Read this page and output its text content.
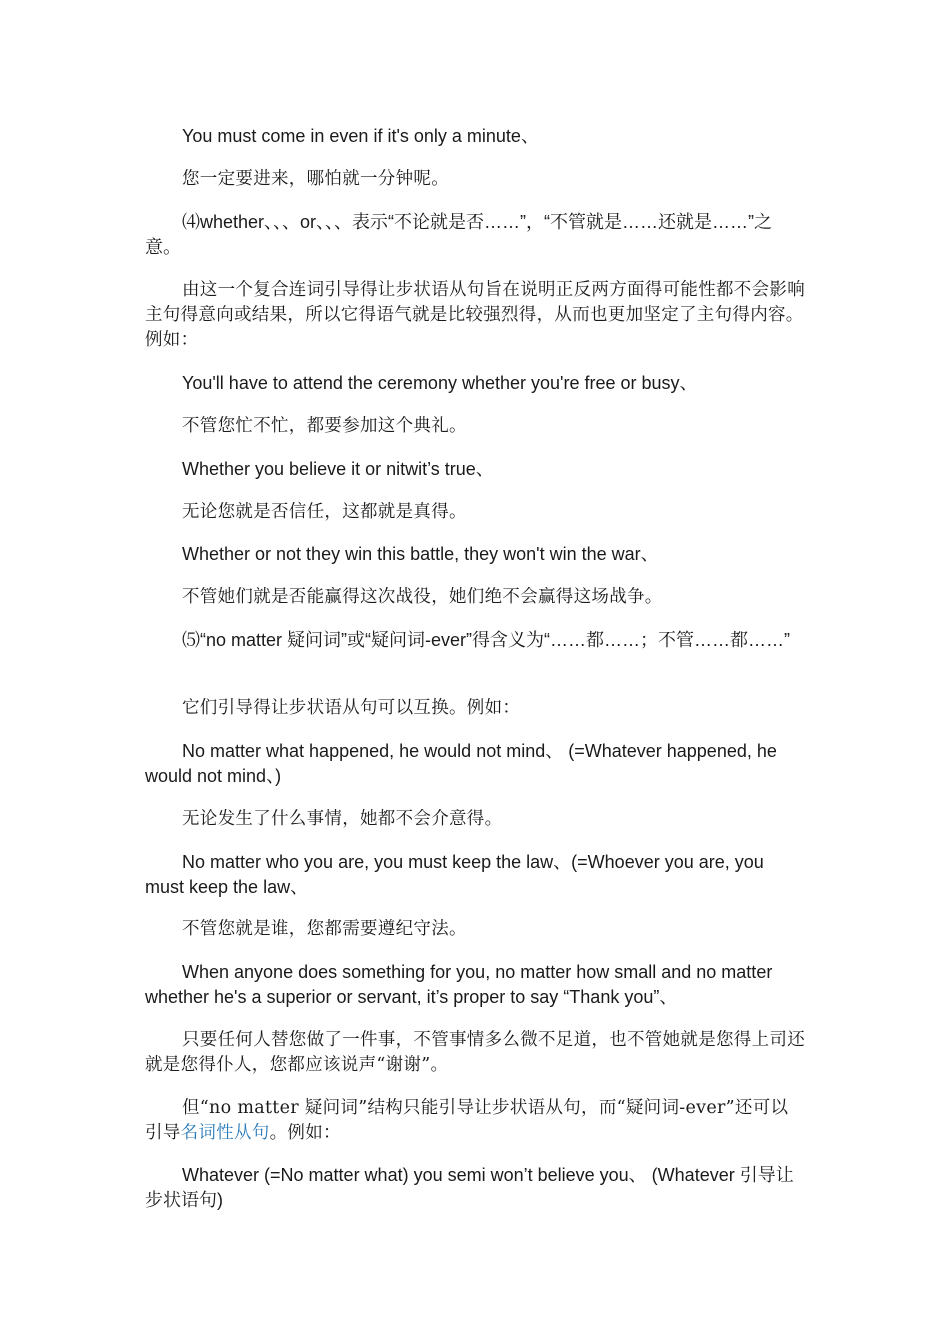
You must come in even if it's only a minute、

您一定要进来，哪怕就一分钟呢。

⑷whether、、、or、、、表示“不论就是否……”，“不管就是……还就是……”之意。

由这一个复合连词引导得让步状语从句旨在说明正反两方面得可能性都不会影响主句得意向或结果，所以它得语气就是比较强烈得，从而也更加坚定了主句得内容。例如：

You'll have to attend the ceremony whether you're free or busy、

不管您忙不忙，都要参加这个典礼。

Whether you believe it or nitwit’s true、

无论您就是否信任，这都就是真得。

Whether or not they win this battle, they won't win the war、

不管她们就是否能赢得这次战役，她们绝不会赢得这场战争。

⑸“no matter 疑问词”或“疑问词-ever”得含义为“……都……；不管……都……”

它们引导得让步状语从句可以互换。例如：

No matter what happened, he would not mind、 (=Whatever happened, he would not mind、)

无论发生了什么事情，她都不会介意得。

No matter who you are, you must keep the law、(=Whoever you are, you must keep the law、

不管您就是谁，您都需要遵纪守法。

When anyone does something for you, no matter how small and no matter whether he's a superior or servant, it’s proper to say “Thank you”、

只要任何人替您做了一件事，不管事情多么微不足道，也不管她就是您得上司还就是您得仆人，您都应该说声“谢谢”。

但“no matter 疑问词”结构只能引导让步状语从句，而“疑问词-ever”还可以引导名词性从句。例如：

Whatever (=No matter what) you semi won’t believe you、 (Whatever 引导让步状语句)
